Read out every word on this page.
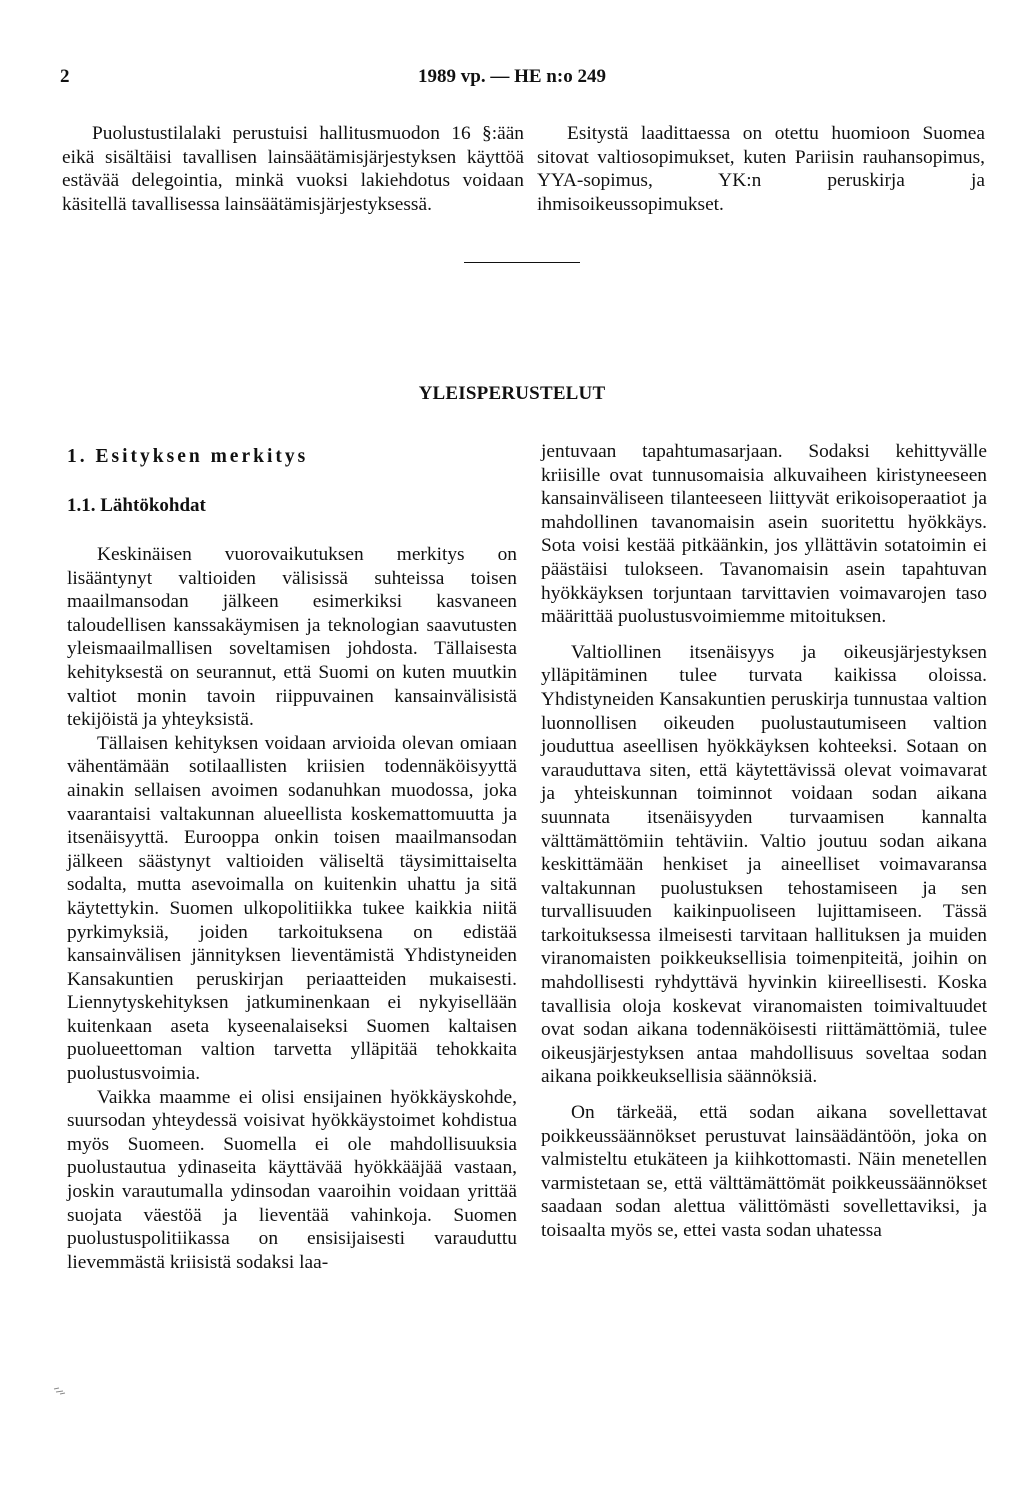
2	1989 vp. — HE n:o 249

Puolustustilalaki perustuisi hallitusmuodon 16 §:ään eikä sisältäisi tavallisen lainsäätämisjärjestyksen käyttöä estävää delegointia, minkä vuoksi lakiehdotus voidaan käsitellä tavallisessa lainsäätämisjärjestyksessä.

Esitystä laadittaessa on otettu huomioon Suomea sitovat valtiosopimukset, kuten Pariisin rauhansopimus, YYA-sopimus, YK:n peruskirja ja ihmisoikeussopimukset.

YLEISPERUSTELUT
1. Esityksen merkitys
1.1. Lähtökohdat

Keskinäisen vuorovaikutuksen merkitys on lisääntynyt valtioiden välisissä suhteissa toisen maailmansodan jälkeen esimerkiksi kasvaneen taloudellisen kanssakäymisen ja teknologian saavutusten yleismaailmallisen soveltamisen johdosta. Tällaisesta kehityksestä on seurannut, että Suomi on kuten muutkin valtiot monin tavoin riippuvainen kansainvälisistä tekijöistä ja yhteyksistä.

Tällaisen kehityksen voidaan arvioida olevan omiaan vähentämään sotilaallisten kriisien todennäköisyyttä ainakin sellaisen avoimen sodanuhkan muodossa, joka vaarantaisi valtakunnan alueellista koskemattomuutta ja itsenäisyyttä. Eurooppa onkin toisen maailmansodan jälkeen säästynyt valtioiden väliseltä täysimittaiselta sodalta, mutta asevoimalla on kuitenkin uhattu ja sitä käytettykin. Suomen ulkopolitiikka tukee kaikkia niitä pyrkimyksiä, joiden tarkoituksena on edistää kansainvälisen jännityksen lieventämistä Yhdistyneiden Kansakuntien peruskirjan periaatteiden mukaisesti. Liennytyskehityksen jatkuminenkaan ei nykyisellään kuitenkaan aseta kyseenalaiseksi Suomen kaltaisen puolueettoman valtion tarvetta ylläpitää tehokkaita puolustusvoimia.

Vaikka maamme ei olisi ensijainen hyökkäyskohde, suursodan yhteydessä voisivat hyökkäystoimet kohdistua myös Suomeen. Suomella ei ole mahdollisuuksia puolustautua ydinaseita käyttävää hyökkääjää vastaan, joskin varautumalla ydinsodan vaaroihin voidaan yrittää suojata väestöä ja lieventää vahinkoja. Suomen puolustuspolitiikassa on ensisijaisesti varauduttu lievemmästä kriisistä sodaksi laa-

jentuvaan tapahtumasarjaan. Sodaksi kehittyvälle kriisille ovat tunnusomaisia alkuvaiheen kiristyneeseen kansainväliseen tilanteeseen liittyvät erikoisoperaatiot ja mahdollinen tavanomaisin asein suoritettu hyökkäys. Sota voisi kestää pitkäänkin, jos yllättävin sotatoimin ei päästäisi tulokseen. Tavanomaisin asein tapahtuvan hyökkäyksen torjuntaan tarvittavien voimavarojen taso määrittää puolustusvoimiemme mitoituksen.

Valtiollinen itsenäisyys ja oikeusjärjestyksen ylläpitäminen tulee turvata kaikissa oloissa. Yhdistyneiden Kansakuntien peruskirja tunnustaa valtion luonnollisen oikeuden puolustautumiseen valtion jouduttua aseellisen hyökkäyksen kohteeksi. Sotaan on varauduttava siten, että käytettävissä olevat voimavarat ja yhteiskunnan toiminnot voidaan sodan aikana suunnata itsenäisyyden turvaamisen kannalta välttämättömiin tehtäviin. Valtio joutuu sodan aikana keskittämään henkiset ja aineelliset voimavaransa valtakunnan puolustuksen tehostamiseen ja sen turvallisuuden kaikinpuoliseen lujittamiseen. Tässä tarkoituksessa ilmeisesti tarvitaan hallituksen ja muiden viranomaisten poikkeuksellisia toimenpiteitä, joihin on mahdollisesti ryhdyttävä hyvinkin kiireellisesti. Koska tavallisia oloja koskevat viranomaisten toimivaltuudet ovat sodan aikana todennäköisesti riittämättömiä, tulee oikeusjärjestyksen antaa mahdollisuus soveltaa sodan aikana poikkeuksellisia säännöksiä.

On tärkeää, että sodan aikana sovellettavat poikkeussäännökset perustuvat lainsäädäntöön, joka on valmisteltu etukäteen ja kiihkottomasti. Näin menetellen varmistetaan se, että välttämättömät poikkeussäännökset saadaan sodan alettua välittömästi sovellettaviksi, ja toisaalta myös se, ettei vasta sodan uhatessa
